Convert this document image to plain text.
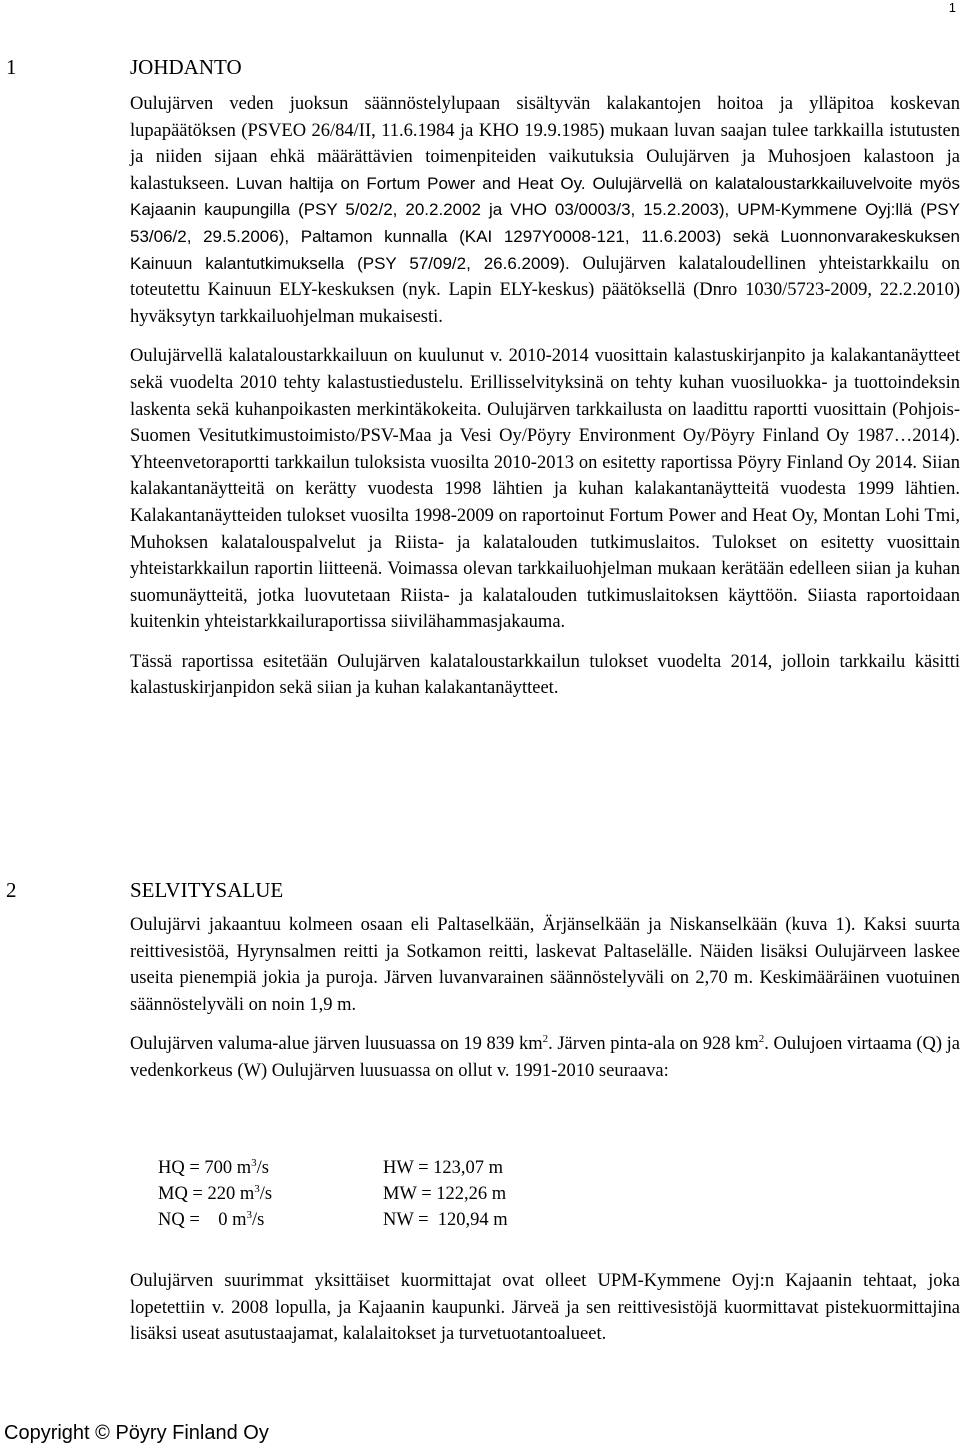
1
1	JOHDANTO

Oulujärven veden juoksun säännöstelylupaan sisältyvän kalakantojen hoitoa ja ylläpitoa koskevan lupapäätöksen (PSVEO 26/84/II, 11.6.1984 ja KHO 19.9.1985) mukaan luvan saajan tulee tarkkailla istutusten ja niiden sijaan ehkä määrättävien toimenpiteiden vaikutuksia Oulujärven ja Muhosjoen kalastoon ja kalastukseen. Luvan haltija on Fortum Power and Heat Oy. Oulujärvellä on kalataloustarkkailuvelvoite myös Kajaanin kaupungilla (PSY 5/02/2, 20.2.2002 ja VHO 03/0003/3, 15.2.2003), UPM-Kymmene Oyj:llä (PSY 53/06/2, 29.5.2006), Paltamon kunnalla (KAI 1297Y0008-121, 11.6.2003) sekä Luonnonvarakeskuksen Kainuun kalantutkimuksella (PSY 57/09/2, 26.6.2009). Oulujärven kalataloudellinen yhteistarkkailu on toteutettu Kainuun ELY-keskuksen (nyk. Lapin ELY-keskus) päätöksellä (Dnro 1030/5723-2009, 22.2.2010) hyväksytyn tarkkailuohjelman mukaisesti.

Oulujärvellä kalataloustarkkailuun on kuulunut v. 2010-2014 vuosittain kalastuskirjanpito ja kalakantanäytteet sekä vuodelta 2010 tehty kalastustiedustelu. Erillisselvityksinä on tehty kuhan vuosiluokka- ja tuottoindeksin laskenta sekä kuhanpoikasten merkintäkokeita. Oulujärven tarkkailusta on laadittu raportti vuosittain (Pohjois-Suomen Vesitutkimustoimisto/PSV-Maa ja Vesi Oy/Pöyry Environment Oy/Pöyry Finland Oy 1987…2014). Yhteenvetoraportti tarkkailun tuloksista vuosilta 2010-2013 on esitetty raportissa Pöyry Finland Oy 2014. Siian kalakantanäytteitä on kerätty vuodesta 1998 lähtien ja kuhan kalakantanäytteitä vuodesta 1999 lähtien. Kalakantanäytteiden tulokset vuosilta 1998-2009 on raportoinut Fortum Power and Heat Oy, Montan Lohi Tmi, Muhoksen kalatalouspalvelut ja Riista- ja kalatalouden tutkimuslaitos. Tulokset on esitetty vuosittain yhteistarkkailun raportin liitteenä. Voimassa olevan tarkkailuohjelman mukaan kerätään edelleen siian ja kuhan suomunäytteitä, jotka luovutetaan Riista- ja kalatalouden tutkimuslaitoksen käyttöön. Siiasta raportoidaan kuitenkin yhteistarkkailuraportissa siivilähammasjakauma.

Tässä raportissa esitetään Oulujärven kalataloustarkkailun tulokset vuodelta 2014, jolloin tarkkailu käsitti kalastuskirjanpidon sekä siian ja kuhan kalakantanäytteet.

2	SELVITYSALUE

Oulujärvi jakaantuu kolmeen osaan eli Paltaselkään, Ärjänselkään ja Niskanselkään (kuva 1). Kaksi suurta reittivesistöä, Hyrynsalmen reitti ja Sotkamon reitti, laskevat Paltaselälle. Näiden lisäksi Oulujärveen laskee useita pienempiä jokia ja puroja. Järven luvanvarainen säännöstelyväli on 2,70 m. Keskimääräinen vuotuinen säännöstelyväli on noin 1,9 m.

Oulujärven valuma-alue järven luusuassa on 19 839 $km^2$. Järven pinta-ala on 928 $km^2$. Oulujoen virtaama (Q) ja vedenkorkeus (W) Oulujärven luusuassa on ollut v. 1991-2010 seuraava:

HQ = 700 $m^3/s$	HW = 123,07 m
MQ = 220 $m^3/s$	MW = 122,26 m
NQ =    0 $m^3/s$	NW =  120,94 m

Oulujärven suurimmat yksittäiset kuormittajat ovat olleet UPM-Kymmene Oyj:n Kajaanin tehtaat, joka lopetettiin v. 2008 lopulla, ja Kajaanin kaupunki. Järveä ja sen reittivesistöjä kuormittavat pistekuormittajina lisäksi useat asutustaajamat, kalalaitokset ja turvetuotantoalueet.

Copyright © Pöyry Finland Oy
